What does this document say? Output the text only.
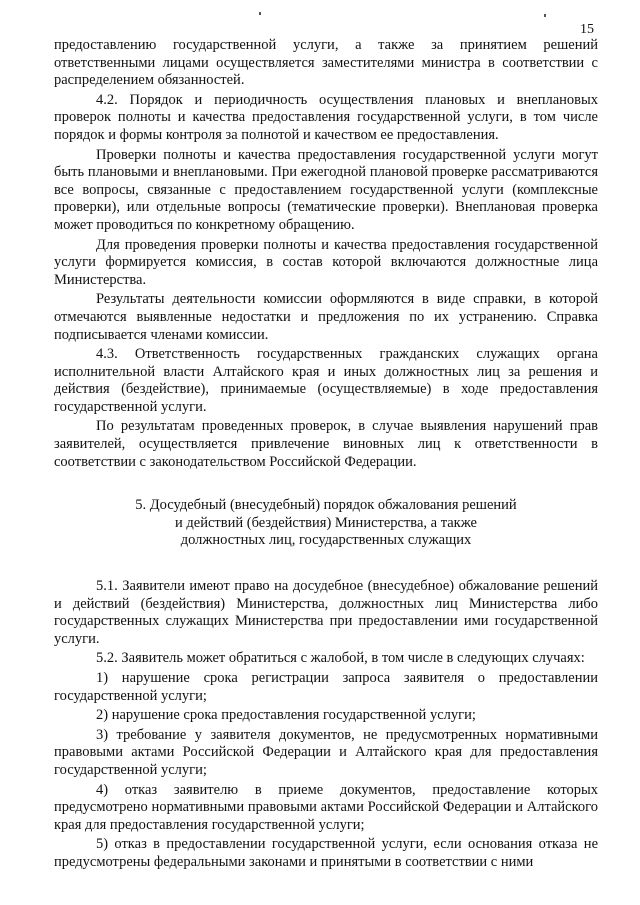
15

предоставлению государственной услуги, а также за принятием решений ответственными лицами осуществляется заместителями министра в соответствии с распределением обязанностей.

4.2. Порядок и периодичность осуществления плановых и внеплановых проверок полноты и качества предоставления государственной услуги, в том числе порядок и формы контроля за полнотой и качеством ее предоставления.

Проверки полноты и качества предоставления государственной услуги могут быть плановыми и внеплановыми. При ежегодной плановой проверке рассматриваются все вопросы, связанные с предоставлением государственной услуги (комплексные проверки), или отдельные вопросы (тематические проверки). Внеплановая проверка может проводиться по конкретному обращению.

Для проведения проверки полноты и качества предоставления государственной услуги формируется комиссия, в состав которой включаются должностные лица Министерства.

Результаты деятельности комиссии оформляются в виде справки, в которой отмечаются выявленные недостатки и предложения по их устранению. Справка подписывается членами комиссии.

4.3. Ответственность государственных гражданских служащих органа исполнительной власти Алтайского края и иных должностных лиц за решения и действия (бездействие), принимаемые (осуществляемые) в ходе предоставления государственной услуги.

По результатам проведенных проверок, в случае выявления нарушений прав заявителей, осуществляется привлечение виновных лиц к ответственности в соответствии с законодательством Российской Федерации.

5. Досудебный (внесудебный) порядок обжалования решений
и действий (бездействия) Министерства, а также
должностных лиц, государственных служащих

5.1. Заявители имеют право на досудебное (внесудебное) обжалование решений и действий (бездействия) Министерства, должностных лиц Министерства либо государственных служащих Министерства при предоставлении ими государственной услуги.

5.2. Заявитель может обратиться с жалобой, в том числе в следующих случаях:

1) нарушение срока регистрации запроса заявителя о предоставлении государственной услуги;

2) нарушение срока предоставления государственной услуги;

3) требование у заявителя документов, не предусмотренных нормативными правовыми актами Российской Федерации и Алтайского края для предоставления государственной услуги;

4) отказ заявителю в приеме документов, предоставление которых предусмотрено нормативными правовыми актами Российской Федерации и Алтайского края для предоставления государственной услуги;

5) отказ в предоставлении государственной услуги, если основания отказа не предусмотрены федеральными законами и принятыми в соответствии с ними
